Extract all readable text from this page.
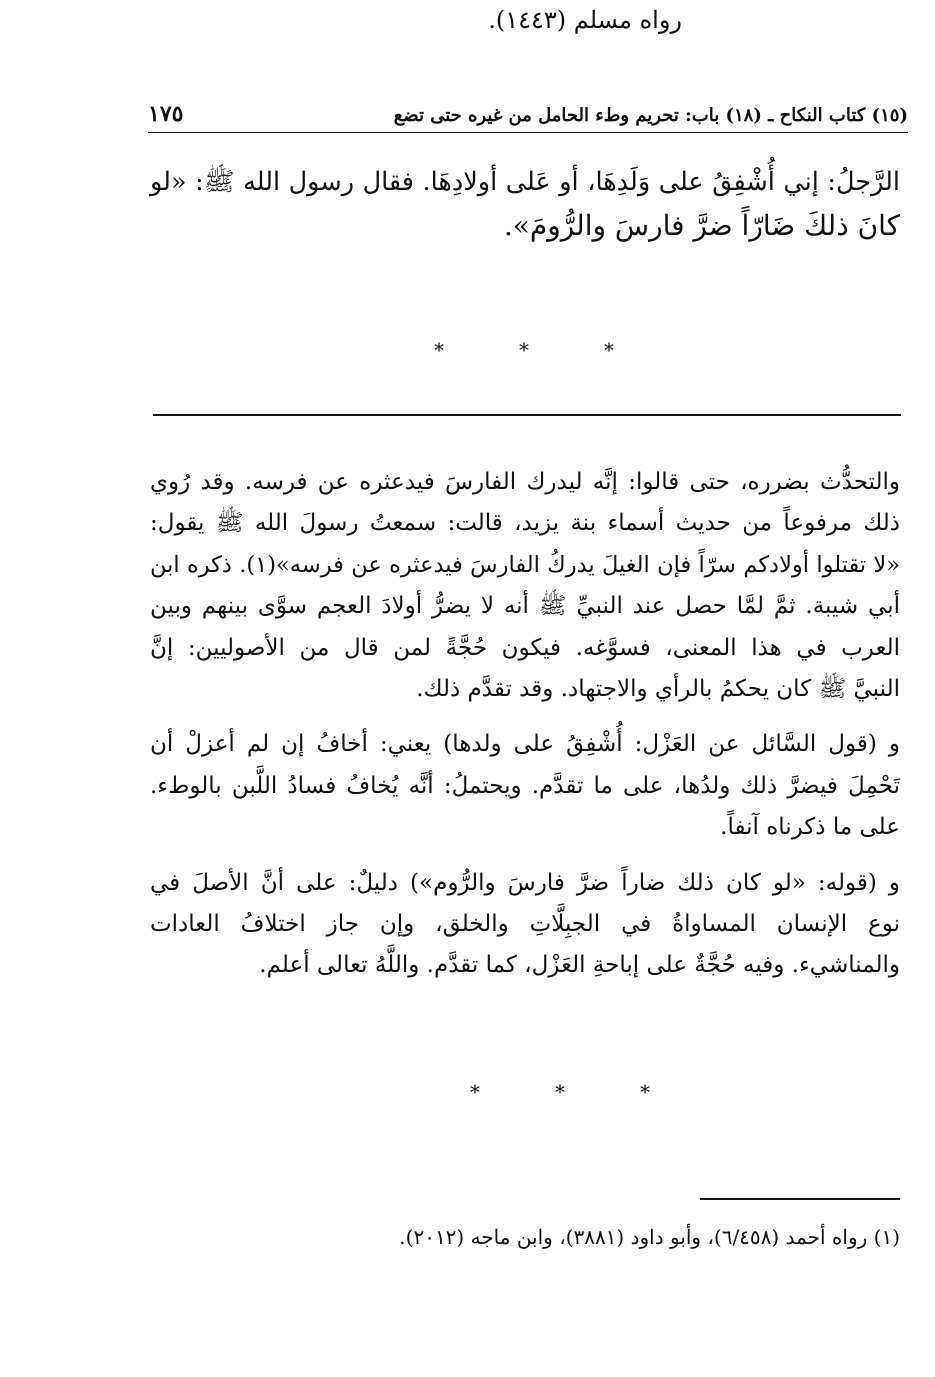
(١٥) كتاب النكاح ـ (١٨) باب: تحريم وطء الحامل من غيره حتى تضع
١٧٥
الرَّجلُ: إني أُشْفِقُ على وَلَدِهَا، أو عَلى أولادِهَا. فقال رسول الله ﷺ: «لو
كانَ ذلكَ ضَارّاً ضرَّ فارسَ والرُّومَ».
رواه مسلم (١٤٤٣).
*	*	*
والتحدُّث بضرره، حتى قالوا: إنَّه ليدرك الفارسَ فيدعثره عن فرسه. وقد رُوي
ذلك مرفوعاً من حديث أسماء بنة يزيد، قالت: سمعتُ رسولَ الله ﷺ يقول:
«لا تقتلوا أولادكم سرّاً فإن الغيلَ يدركُ الفارسَ فيدعثره عن فرسه»(١). ذكره ابن
أبي شيبة. ثمَّ لمَّا حصل عند النبيِّ ﷺ أنه لا يضرُّ أولادَ العجم سوَّى بينهم وبين
العرب في هذا المعنى، فسوَّغه. فيكون حُجَّةً لمن قال من الأصوليين: إنَّ
النبيَّ ﷺ كان يحكمُ بالرأي والاجتهاد. وقد تقدَّم ذلك.
و (قول السَّائل عن العَزْل: أُشْفِقُ على ولدها) يعني: أخافُ إن لم أعزلْ أن
تَحْمِلَ فيضرَّ ذلك ولدُها، على ما تقدَّم. ويحتملُ: أنَّه يُخافُ فسادُ اللَّبن بالوطء.
على ما ذكرناه آنفاً.
و (قوله: «لو كان ذلك ضاراً ضرَّ فارسَ والرُّوم») دليلٌ: على أنَّ الأصلَ في
نوع الإنسان المساواةُ في الجبِلَّاتِ والخلق، وإن جاز اختلافُ العادات
والمناشيء. وفيه حُجَّةٌ على إباحةِ العَزْل، كما تقدَّم. واللَّهُ تعالى أعلم.
*	*	*
(١) رواه أحمد (٦/٤٥٨)، وأبو داود (٣٨٨١)، وابن ماجه (٢٠١٢).
